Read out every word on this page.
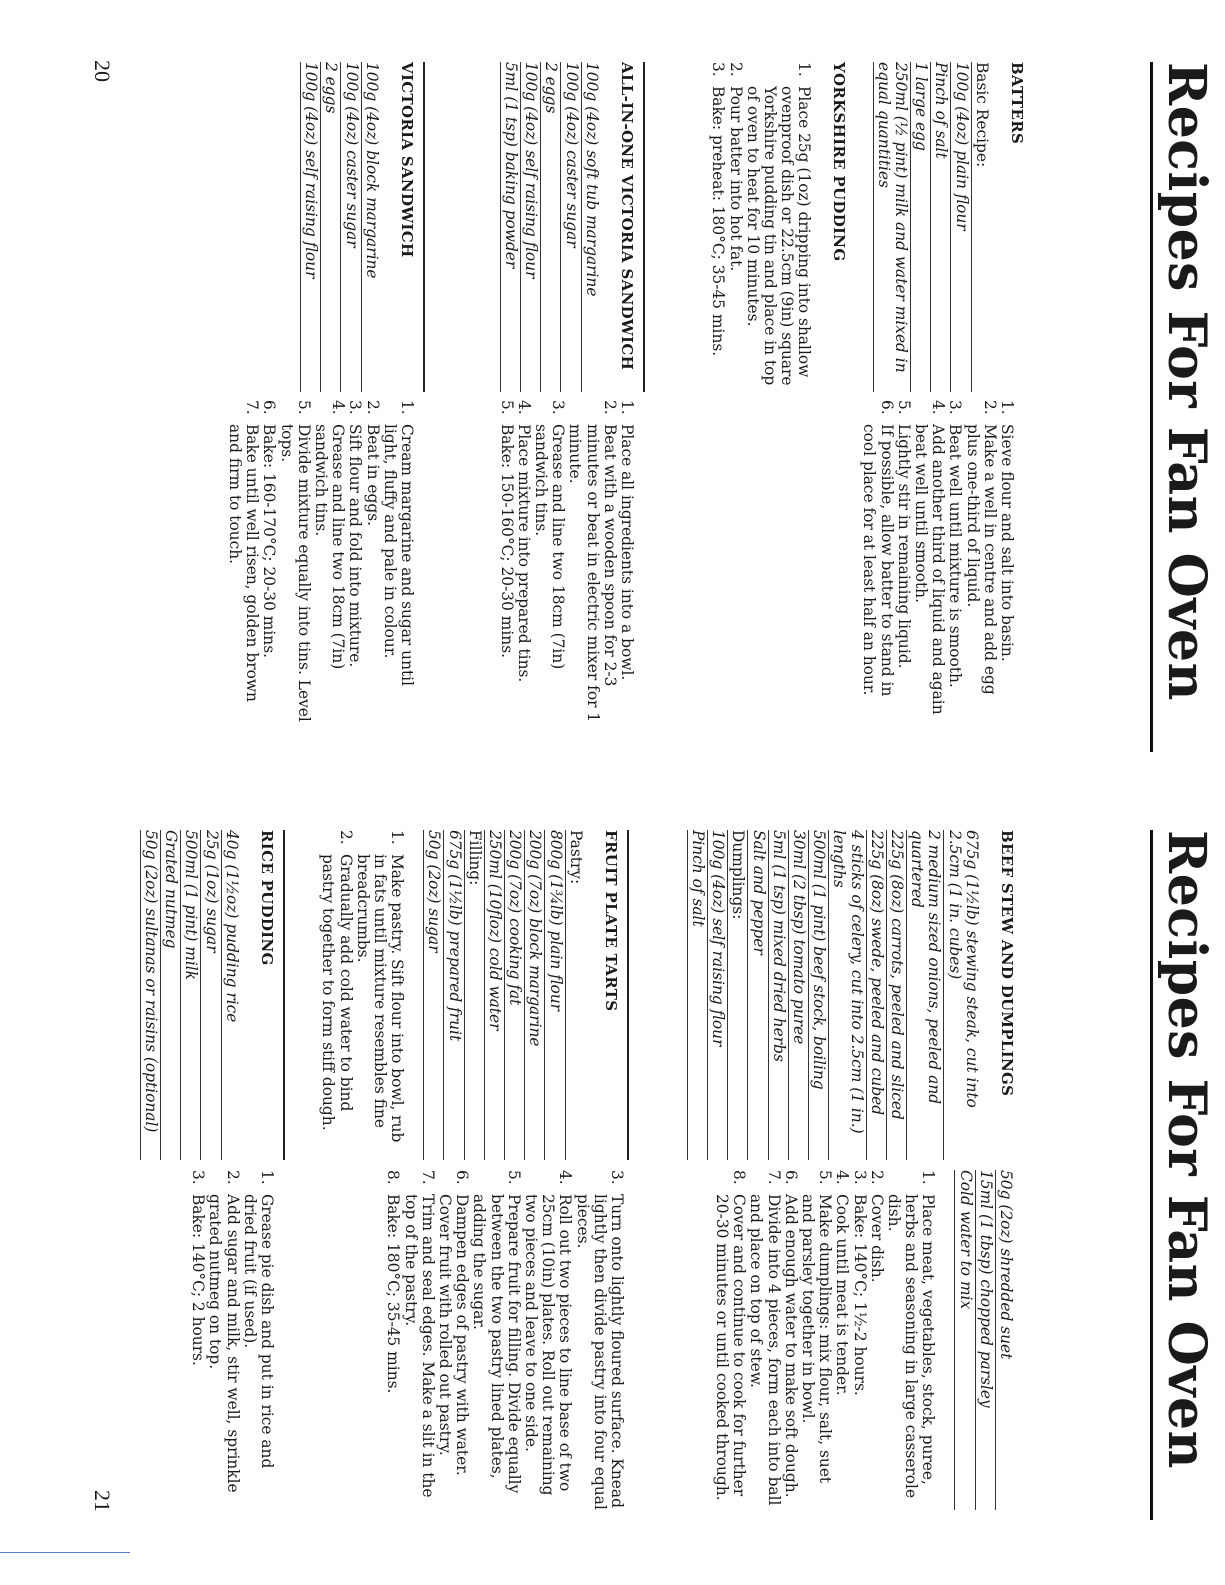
Recipes For Fan Oven
20	BATTERS
Basic Recipe:
100g (4oz) plain flour
Pinch of salt
1 large egg
250ml (½ pint) milk and water mixed in equal quantities
YORKSHIRE PUDDING
1.
Place 25g (1oz) dripping into shallow ovenproof dish or 22.5cm (9in) square Yorkshire pudding tin and place in top of oven to heat for 10 minutes.
2.
Pour batter into hot fat.
3.
Bake: preheat: 180°C; 35-45 mins.
1.
Sieve flour and salt into basin.
2.
Make a well in centre and add egg plus one-third of liquid.
3.
Beat well until mixture is smooth.
4.
Add another third of liquid and again beat well until smooth.
5.
Lightly stir in remaining liquid.
6.
If possible, allow batter to stand in cool place for at least half an hour.
ALL-IN-ONE VICTORIA SANDWICH
100g (4oz) soft tub margarine
100g (4oz) caster sugar
2 eggs
100g (4oz) self raising flour
5ml (1 tsp) baking powder
1.
Place all ingredients into a bowl.
2.
Beat with a wooden spoon for 2-3 minutes or beat in electric mixer for 1 minute.
3.
Grease and line two 18cm (7in) sandwich tins.
4.
Place mixture into prepared tins.
5.
Bake: 150-160°C; 20-30 mins.
VICTORIA SANDWICH
100g (4oz) block margarine
100g (4oz) caster sugar
2 eggs
100g (4oz) self raising flour
1.
Cream margarine and sugar until light, fluffy and pale in colour.
2.
Beat in eggs.
3.
Sift flour and fold into mixture.
4.
Grease and line two 18cm (7in) sandwich tins.
5.
Divide mixture equally into tins. Level tops.
6.
Bake: 160-170°C; 20-30 mins.
7.
Bake until well risen, golden brown and firm to touch.
Recipes For Fan Oven
21
BEEF STEW AND DUMPLINGS
675g (1½lb) stewing steak, cut into 2.5cm (1 in. cubes)
2 medium sized onions, peeled and quartered
225g (8oz) carrots, peeled and sliced
225g (8oz) swede, peeled and cubed
4 sticks of celery, cut into 2.5cm (1 in.) lengths
500ml (1 pint) beef stock, boiling
30ml (2 tbsp) tomato puree
5ml (1 tsp) mixed dried herbs
Salt and pepper
Dumplings:
100g (4oz) self raising flour
Pinch of salt
50g (2oz) shredded suet
15ml (1 tbsp) chopped parsley
Cold water to mix
1.
Place meat, vegetables, stock, puree, herbs and seasoning in large casserole dish.
2.
Cover dish.
3.
Bake: 140°C; 1½-2 hours.
4.
Cook until meat is tender.
5.
Make dumplings: mix flour, salt, suet and parsley together in bowl.
6.
Add enough water to make soft dough.
7.
Divide into 4 pieces, form each into ball and place on top of stew.
8.
Cover and continue to cook for further 20-30 minutes or until cooked through.
FRUIT PLATE TARTS
Pastry:
800g (1¾lb) plain flour
200g (7oz) block margarine
200g (7oz) cooking fat
250ml (10floz) cold water
Filling:
675g (1½lb) prepared fruit
50g (2oz) sugar
1.
Make pastry. Sift flour into bowl, rub in fats until mixture resembles fine breadcrumbs.
2.
Gradually add cold water to bind pastry together to form stiff dough.
3.
Turn onto lightly floured surface. Knead lightly then divide pastry into four equal pieces.
4.
Roll out two pieces to line base of two 25cm (10in) plates. Roll out remaining two pieces and leave to one side.
5.
Prepare fruit for filling. Divide equally between the two pastry lined plates, adding the sugar.
6.
Dampen edges of pastry with water. Cover fruit with rolled out pastry.
7.
Trim and seal edges. Make a slit in the top of the pastry.
8.
Bake: 180°C; 35-45 mins.
RICE PUDDING
40g (1½oz) pudding rice
25g (1oz) sugar
500ml (1 pint) milk
Grated nutmeg
50g (2oz) sultanas or raisins (optional)
1.
Grease pie dish and put in rice and dried fruit (if used).
2.
Add sugar and milk, stir well, sprinkle grated nutmeg on top.
3.
Bake: 140°C; 2 hours.
